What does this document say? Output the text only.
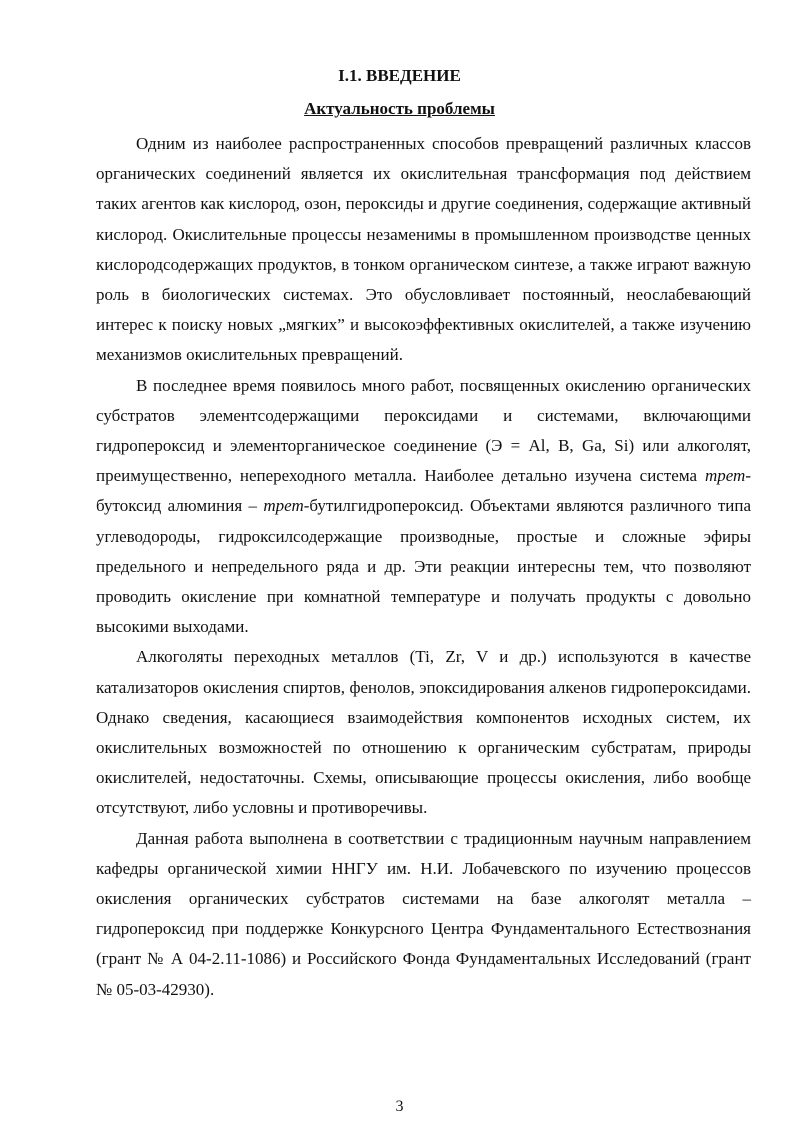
I.1. ВВЕДЕНИЕ
Актуальность проблемы

Одним из наиболее распространенных способов превращений различных классов органических соединений является их окислительная трансформация под действием таких агентов как кислород, озон, пероксиды и другие соединения, содержащие активный кислород. Окислительные процессы незаменимы в промышленном производстве ценных кислородсодержащих продуктов, в тонком органическом синтезе, а также играют важную роль в биологических системах. Это обусловливает постоянный, неослабевающий интерес к поиску новых „мягких” и высокоэффективных окислителей, а также изучению механизмов окислительных превращений.

В последнее время появилось много работ, посвященных окислению органических субстратов элементсодержащими пероксидами и системами, включающими гидропероксид и элементорганическое соединение (Э = Al, B, Ga, Si) или алкоголят, преимущественно, непереходного металла. Наиболее детально изучена система трет-бутоксид алюминия – трет-бутилгидропероксид. Объектами являются различного типа углеводороды, гидроксилсодержащие производные, простые и сложные эфиры предельного и непредельного ряда и др. Эти реакции интересны тем, что позволяют проводить окисление при комнатной температуре и получать продукты с довольно высокими выходами.

Алкоголяты переходных металлов (Ti, Zr, V и др.) используются в качестве катализаторов окисления спиртов, фенолов, эпоксидирования алкенов гидропероксидами. Однако сведения, касающиеся взаимодействия компонентов исходных систем, их окислительных возможностей по отношению к органическим субстратам, природы окислителей, недостаточны. Схемы, описывающие процессы окисления, либо вообще отсутствуют, либо условны и противоречивы.

Данная работа выполнена в соответствии с традиционным научным направлением кафедры органической химии ННГУ им. Н.И. Лобачевского по изучению процессов окисления органических субстратов системами на базе алкоголят металла – гидропероксид при поддержке Конкурсного Центра Фундаментального Естествознания (грант № А 04-2.11-1086) и Российского Фонда Фундаментальных Исследований (грант № 05-03-42930).

3
